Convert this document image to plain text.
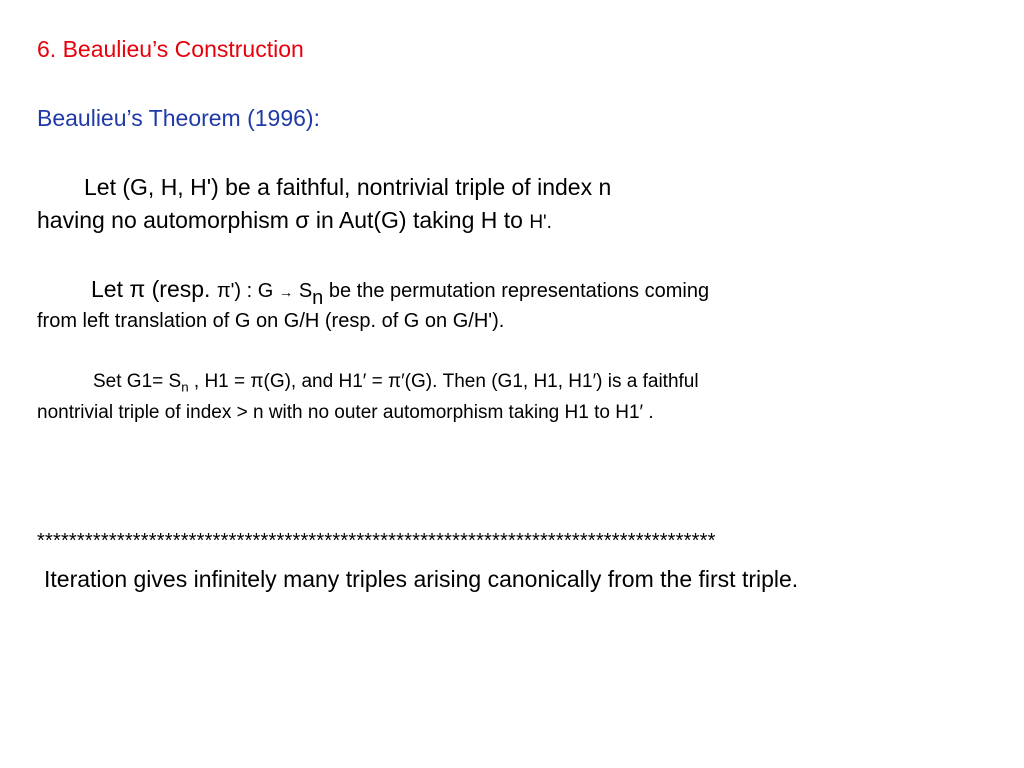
6. Beaulieu’s Construction
Beaulieu’s Theorem (1996):
Let (G, H, H') be a faithful, nontrivial triple of index n
having no automorphism σ in Aut(G) taking H to H'.
Let π (resp. π') : $G \to S_n$ be the permutation representations coming
from left translation of G on G/H (resp. of G on G/H').
Set $G1= S_n$ , H1 = π(G), and H1′ = π′(G). Then (G1, H1, H1′) is a faithful
nontrivial triple of index > n with no outer automorphism taking H1 to H1′ .
*************************************************************************************
Iteration gives infinitely many triples arising canonically from the first triple.
